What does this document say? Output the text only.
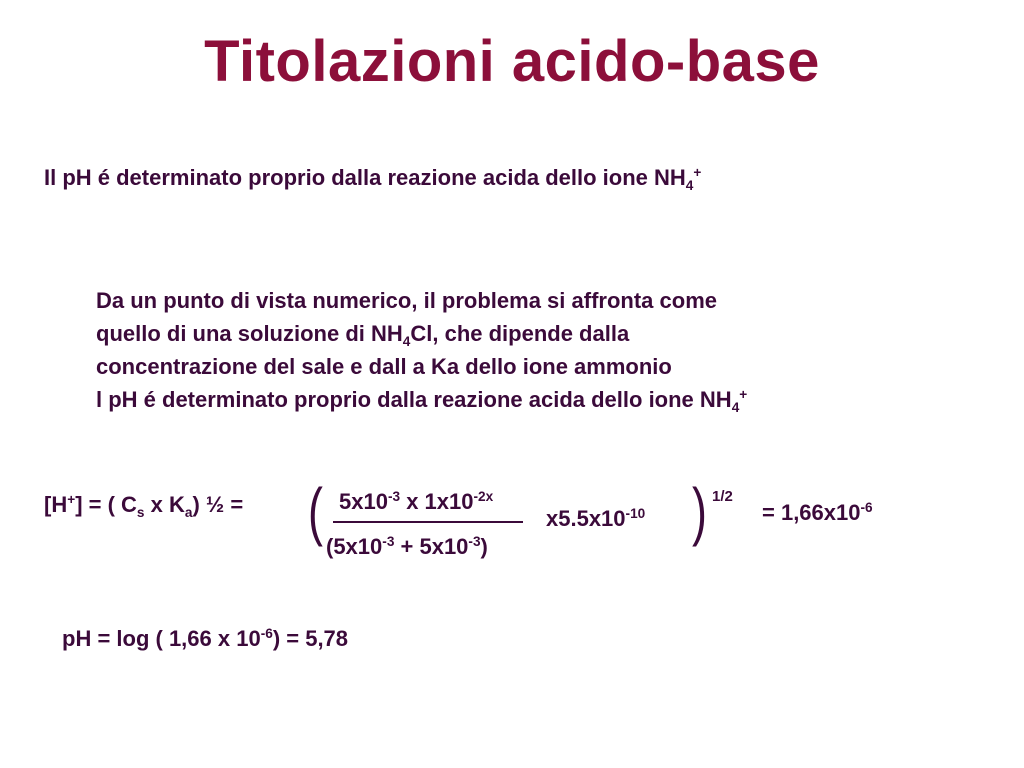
Titolazioni acido-base
Il pH é determinato proprio dalla reazione acida dello ione $NH_4^+$
Da un punto di vista numerico, il problema si affronta come
quello di una soluzione di $NH_4Cl$, che dipende dalla
concentrazione del sale e dall a Ka dello ione ammonio
l pH é determinato proprio dalla reazione acida dello ione $NH_4^+$
[H+] = ( $C_s$ x $K_a$) ½ = ( $5x10^{-3}$ x $1x10^{-2x}$
$(5x10^{-3} + 5x10^{-3})$
$x5.5x10^{-10}$ ) 1/2
= $1,66x10^{-6}$
pH = log ( 1,66 x $10^{-6}) = 5,78$
